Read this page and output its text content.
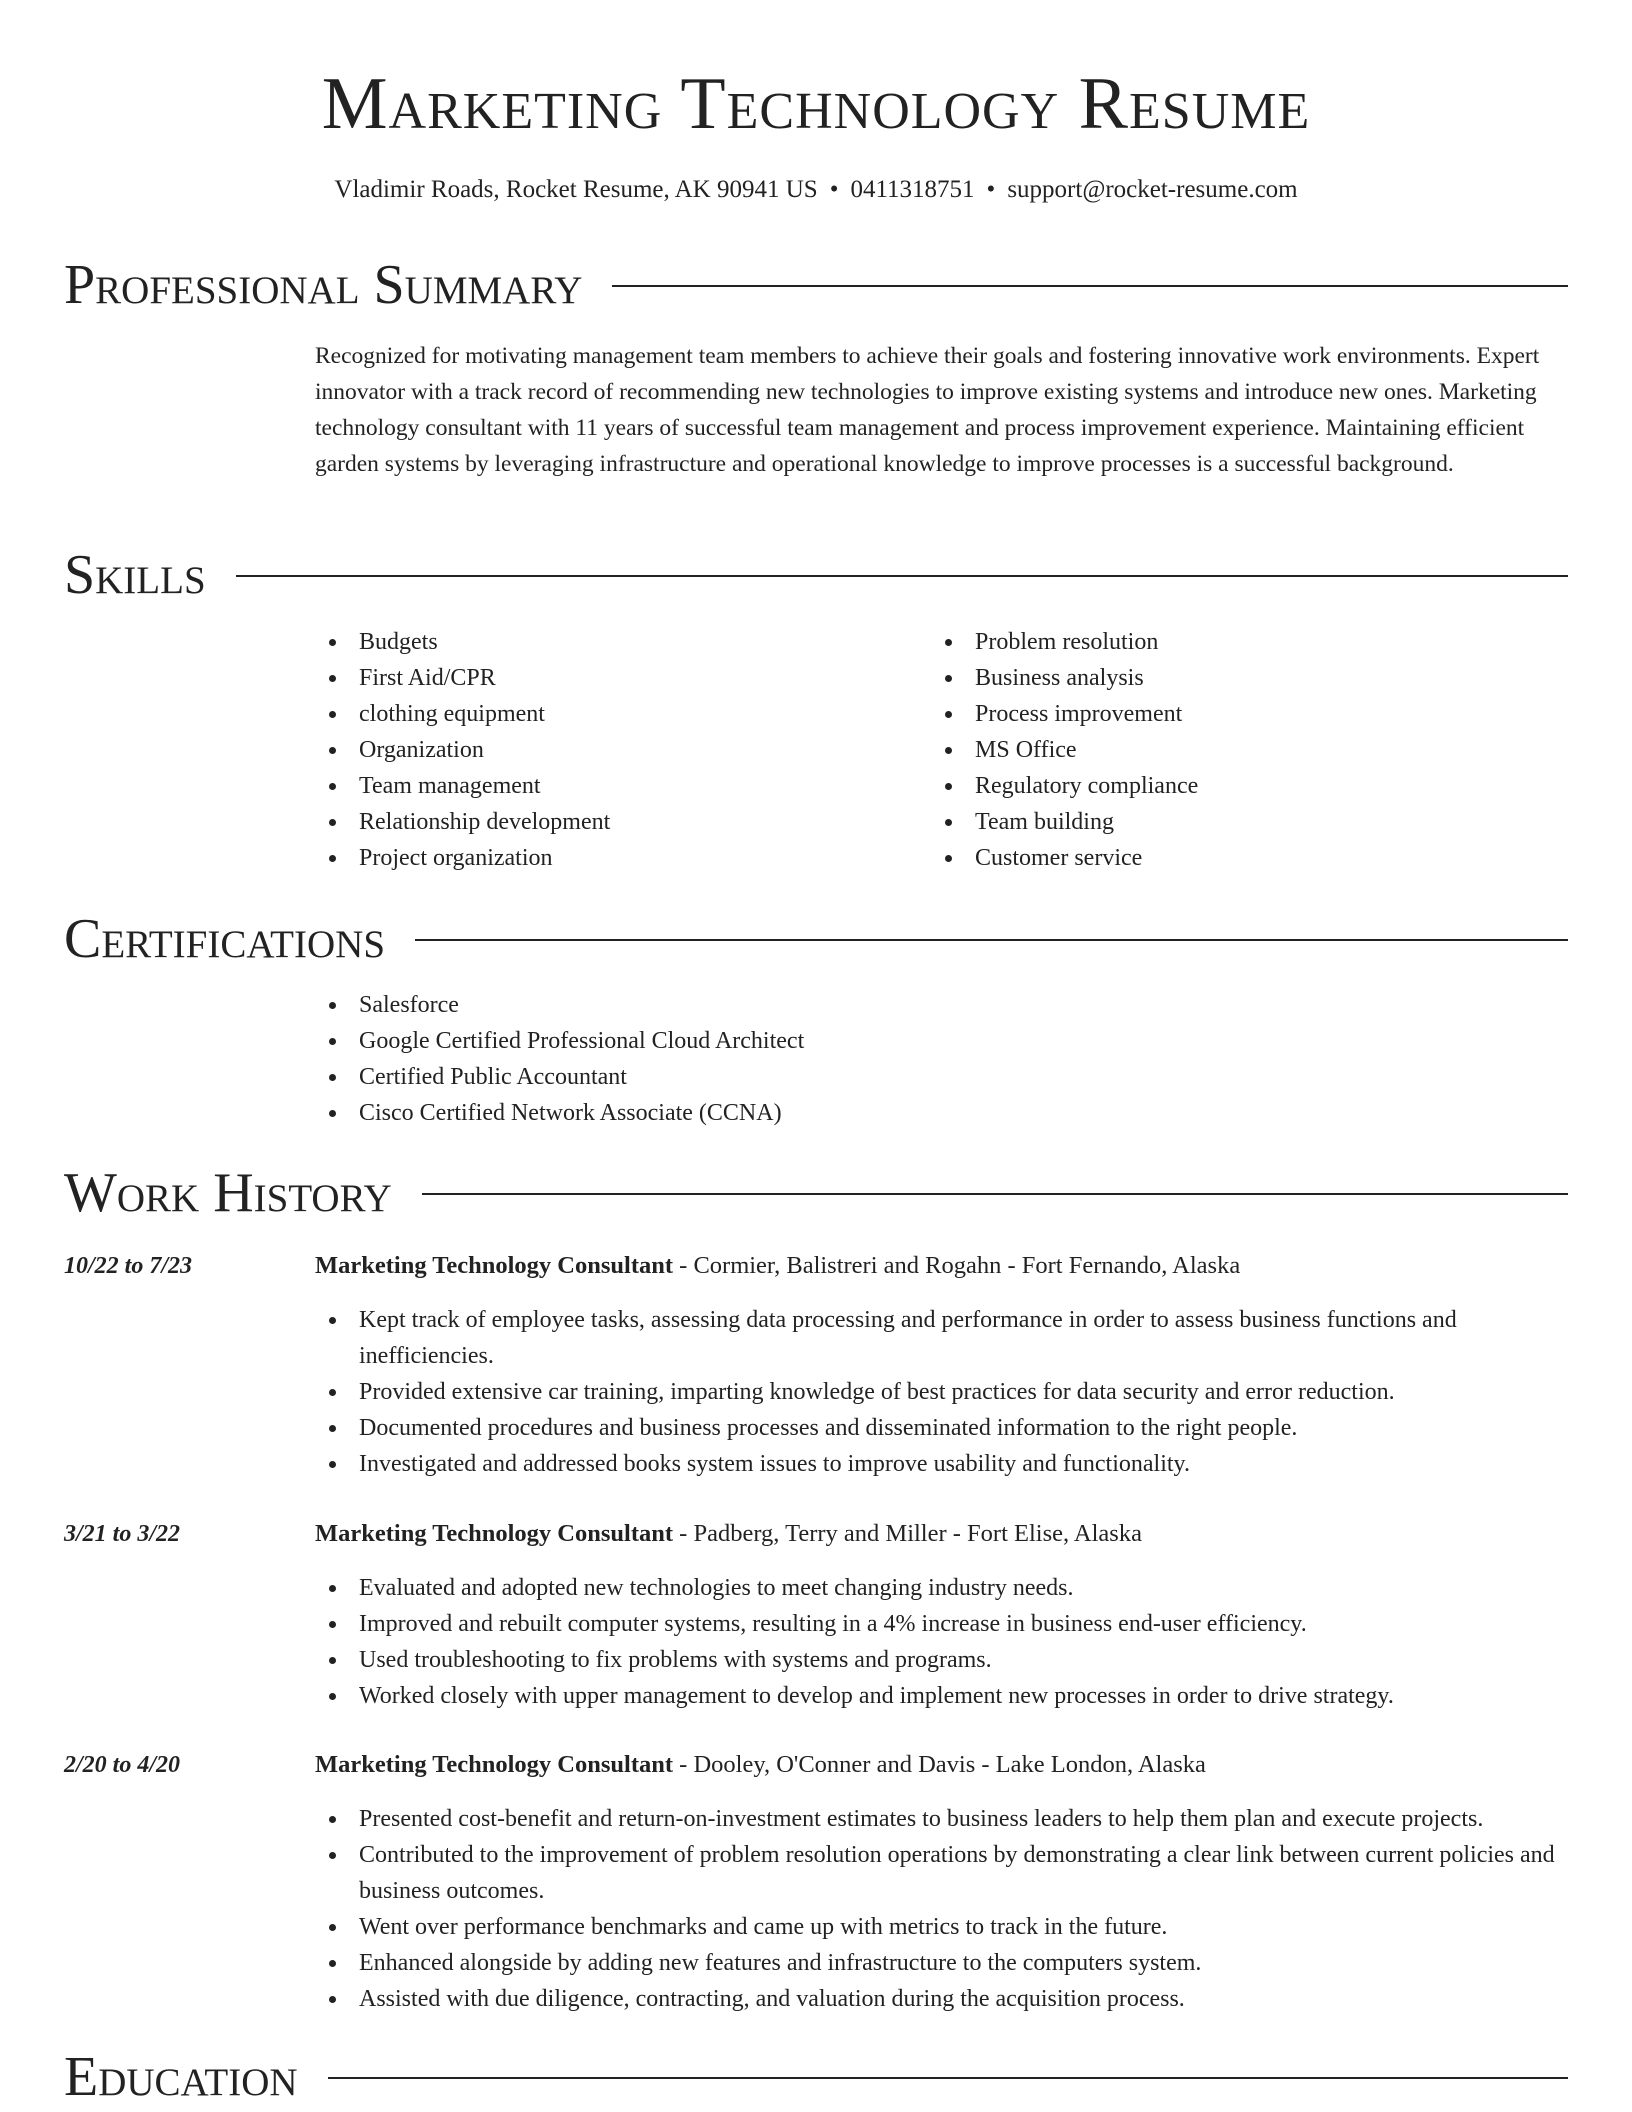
Marketing Technology Resume
Vladimir Roads, Rocket Resume, AK 90941 US • 0411318751 • support@rocket-resume.com
Professional Summary
Recognized for motivating management team members to achieve their goals and fostering innovative work environments. Expert innovator with a track record of recommending new technologies to improve existing systems and introduce new ones. Marketing technology consultant with 11 years of successful team management and process improvement experience. Maintaining efficient garden systems by leveraging infrastructure and operational knowledge to improve processes is a successful background.
Skills
Budgets
First Aid/CPR
clothing equipment
Organization
Team management
Relationship development
Project organization
Problem resolution
Business analysis
Process improvement
MS Office
Regulatory compliance
Team building
Customer service
Certifications
Salesforce
Google Certified Professional Cloud Architect
Certified Public Accountant
Cisco Certified Network Associate (CCNA)
Work History
10/22 to 7/23	Marketing Technology Consultant - Cormier, Balistreri and Rogahn - Fort Fernando, Alaska
Kept track of employee tasks, assessing data processing and performance in order to assess business functions and inefficiencies.
Provided extensive car training, imparting knowledge of best practices for data security and error reduction.
Documented procedures and business processes and disseminated information to the right people.
Investigated and addressed books system issues to improve usability and functionality.
3/21 to 3/22	Marketing Technology Consultant - Padberg, Terry and Miller - Fort Elise, Alaska
Evaluated and adopted new technologies to meet changing industry needs.
Improved and rebuilt computer systems, resulting in a 4% increase in business end-user efficiency.
Used troubleshooting to fix problems with systems and programs.
Worked closely with upper management to develop and implement new processes in order to drive strategy.
2/20 to 4/20	Marketing Technology Consultant - Dooley, O'Conner and Davis - Lake London, Alaska
Presented cost-benefit and return-on-investment estimates to business leaders to help them plan and execute projects.
Contributed to the improvement of problem resolution operations by demonstrating a clear link between current policies and business outcomes.
Went over performance benchmarks and came up with metrics to track in the future.
Enhanced alongside by adding new features and infrastructure to the computers system.
Assisted with due diligence, contracting, and valuation during the acquisition process.
Education
